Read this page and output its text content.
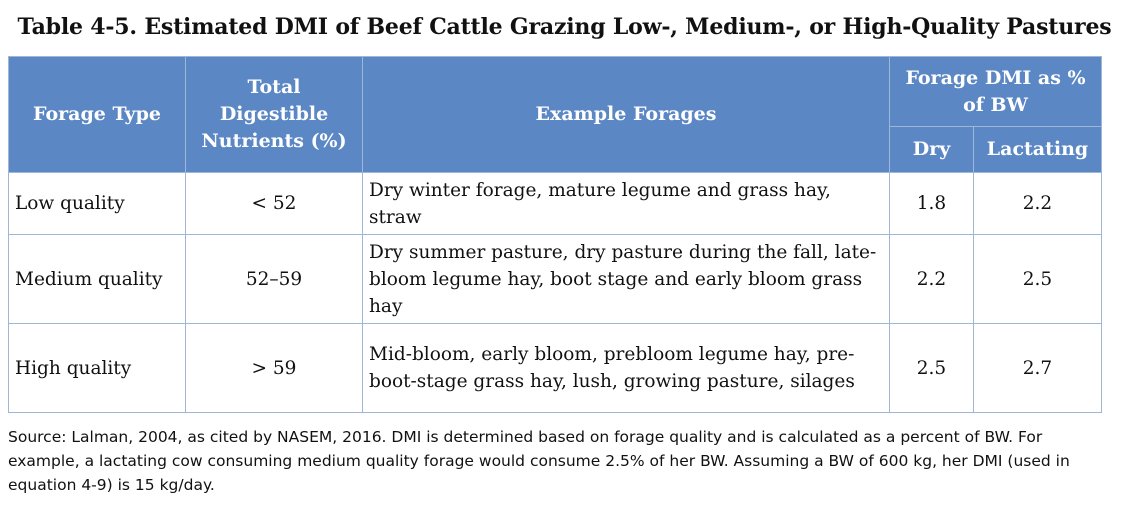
Table 4-5. Estimated DMI of Beef Cattle Grazing Low-, Medium-, or High-Quality Pastures
Forage Type	Total Digestible Nutrients (%)	Example Forages	Forage DMI as % of BW	
			Dry	Lactating
Low quality	< 52	Dry winter forage, mature legume and grass hay, straw	1.8	2.2
Medium quality	52–59	Dry summer pasture, dry pasture during the fall, late-bloom legume hay, boot stage and early bloom grass hay	2.2	2.5
High quality	> 59	Mid-bloom, early bloom, prebloom legume hay, pre-boot-stage grass hay, lush, growing pasture, silages	2.5	2.7
Source: Lalman, 2004, as cited by NASEM, 2016. DMI is determined based on forage quality and is calculated as a percent of BW. For example, a lactating cow consuming medium quality forage would consume 2.5% of her BW. Assuming a BW of 600 kg, her DMI (used in equation 4-9) is 15 kg/day.
